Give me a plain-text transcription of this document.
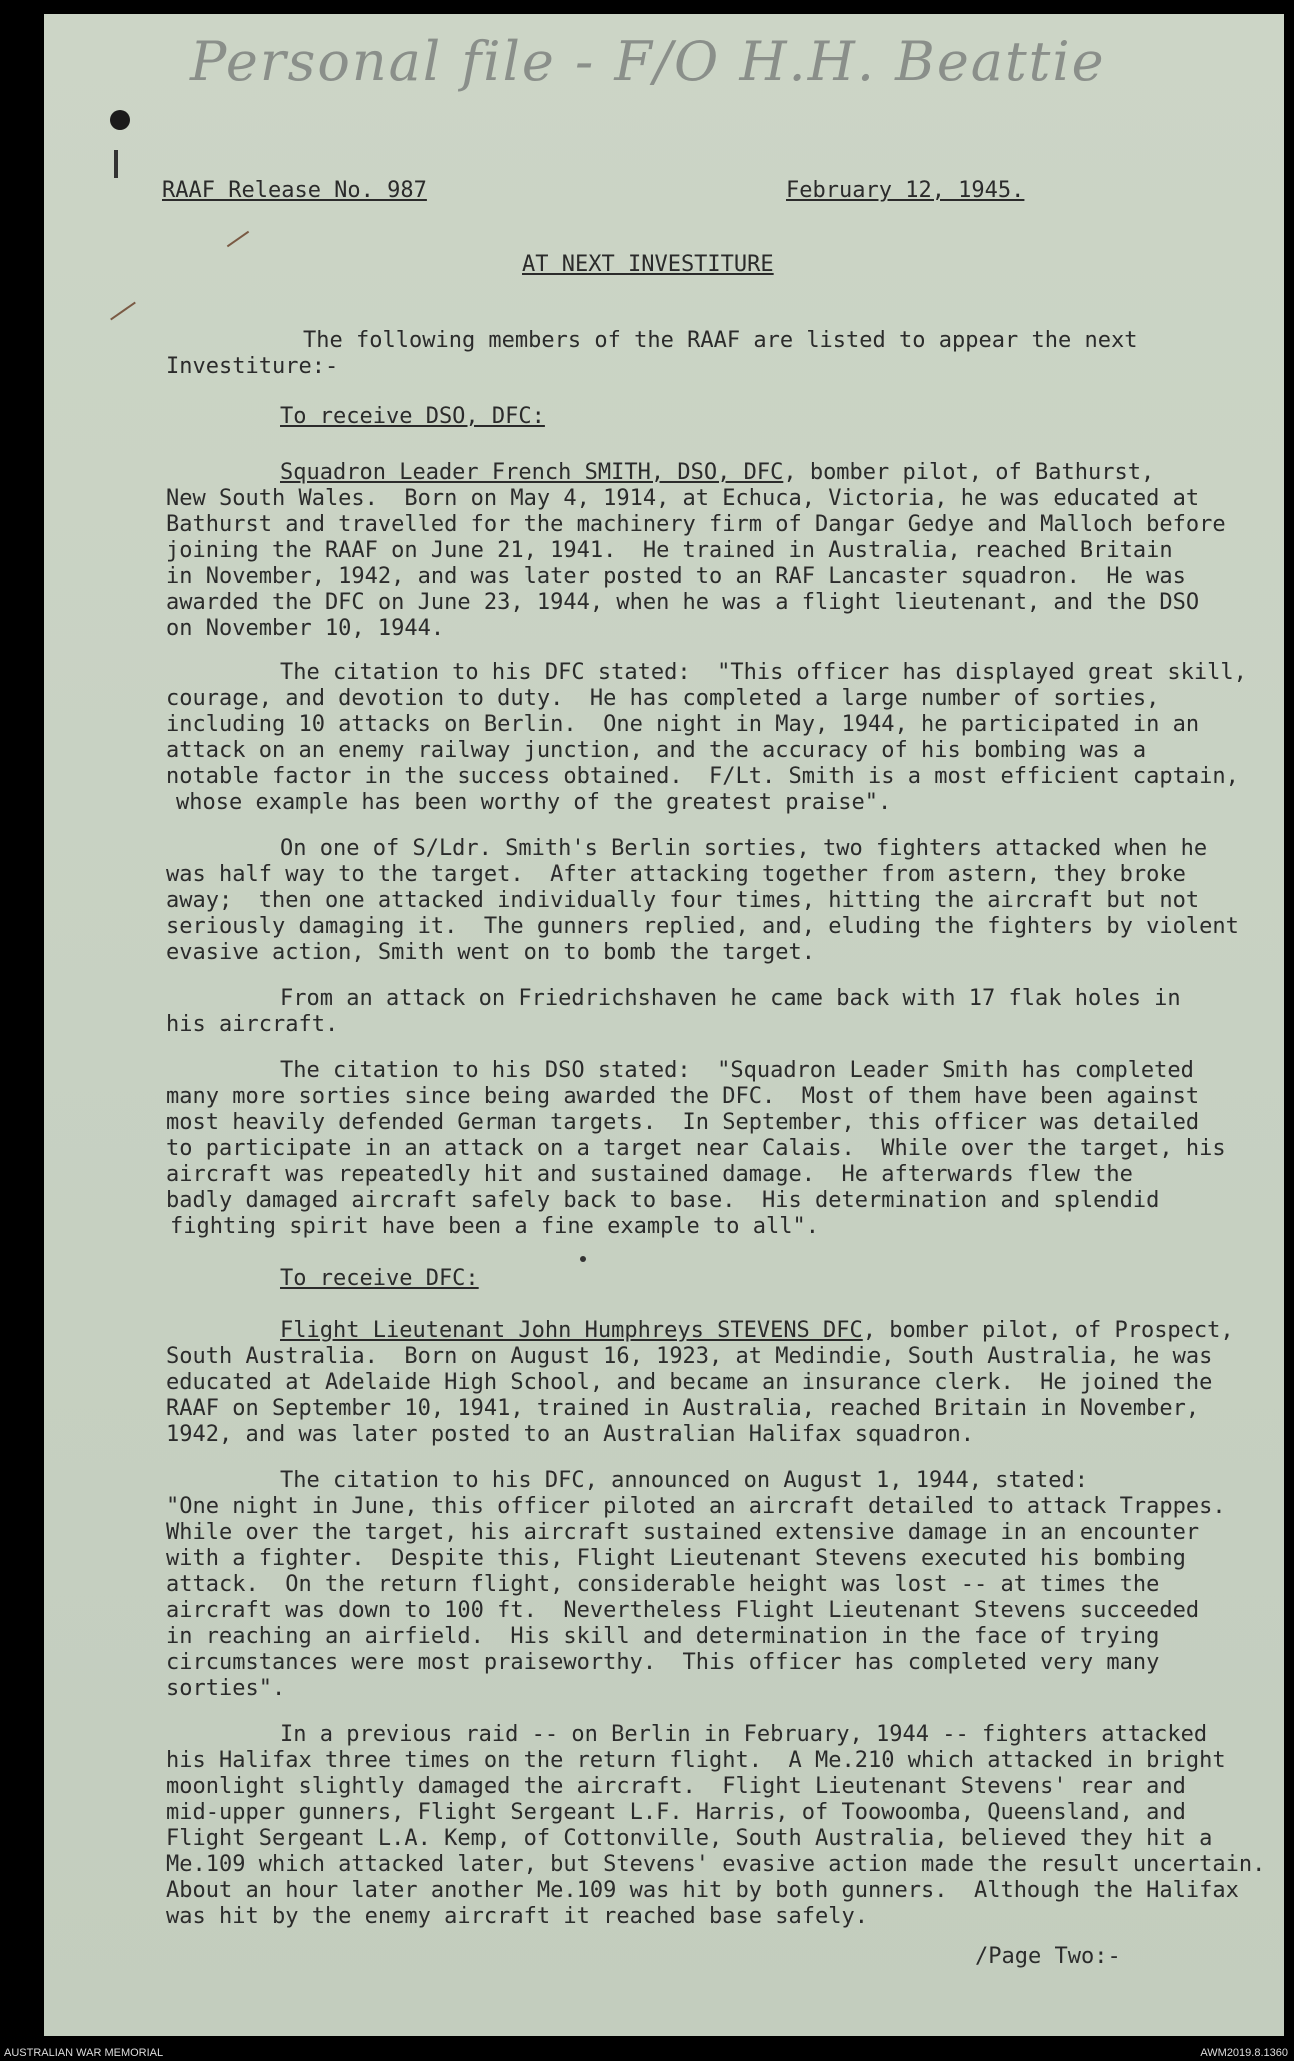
Personal file - F/O H.H. Beattie

RAAF Release No. 987	February 12, 1945.

AT NEXT INVESTITURE

The following members of the RAAF are listed to appear the next

Investiture:-

To receive DSO, DFC:

Squadron Leader French SMITH, DSO, DFC, bomber pilot, of Bathurst,

New South Wales.  Born on May 4, 1914, at Echuca, Victoria, he was educated at

Bathurst and travelled for the machinery firm of Dangar Gedye and Malloch before

joining the RAAF on June 21, 1941.  He trained in Australia, reached Britain

in November, 1942, and was later posted to an RAF Lancaster squadron.  He was

awarded the DFC on June 23, 1944, when he was a flight lieutenant, and the DSO

on November 10, 1944.

The citation to his DFC stated:  "This officer has displayed great skill,

courage, and devotion to duty.  He has completed a large number of sorties,

including 10 attacks on Berlin.  One night in May, 1944, he participated in an

attack on an enemy railway junction, and the accuracy of his bombing was a

notable factor in the success obtained.  F/Lt. Smith is a most efficient captain,

whose example has been worthy of the greatest praise".

On one of S/Ldr. Smith's Berlin sorties, two fighters attacked when he

was half way to the target.  After attacking together from astern, they broke

away;  then one attacked individually four times, hitting the aircraft but not

seriously damaging it.  The gunners replied, and, eluding the fighters by violent

evasive action, Smith went on to bomb the target.

From an attack on Friedrichshaven he came back with 17 flak holes in

his aircraft.

The citation to his DSO stated:  "Squadron Leader Smith has completed

many more sorties since being awarded the DFC.  Most of them have been against

most heavily defended German targets.  In September, this officer was detailed

to participate in an attack on a target near Calais.  While over the target, his

aircraft was repeatedly hit and sustained damage.  He afterwards flew the

badly damaged aircraft safely back to base.  His determination and splendid

fighting spirit have been a fine example to all".

To receive DFC:

Flight Lieutenant John Humphreys STEVENS DFC, bomber pilot, of Prospect,

South Australia.  Born on August 16, 1923, at Medindie, South Australia, he was

educated at Adelaide High School, and became an insurance clerk.  He joined the

RAAF on September 10, 1941, trained in Australia, reached Britain in November,

1942, and was later posted to an Australian Halifax squadron.

The citation to his DFC, announced on August 1, 1944, stated:

"One night in June, this officer piloted an aircraft detailed to attack Trappes.

While over the target, his aircraft sustained extensive damage in an encounter

with a fighter.  Despite this, Flight Lieutenant Stevens executed his bombing

attack.  On the return flight, considerable height was lost -- at times the

aircraft was down to 100 ft.  Nevertheless Flight Lieutenant Stevens succeeded

in reaching an airfield.  His skill and determination in the face of trying

circumstances were most praiseworthy.  This officer has completed very many

sorties".

In a previous raid -- on Berlin in February, 1944 -- fighters attacked

his Halifax three times on the return flight.  A Me.210 which attacked in bright

moonlight slightly damaged the aircraft.  Flight Lieutenant Stevens' rear and

mid-upper gunners, Flight Sergeant L.F. Harris, of Toowoomba, Queensland, and

Flight Sergeant L.A. Kemp, of Cottonville, South Australia, believed they hit a

Me.109 which attacked later, but Stevens' evasive action made the result uncertain.

About an hour later another Me.109 was hit by both gunners.  Although the Halifax

was hit by the enemy aircraft it reached base safely.

/Page Two:-

AUSTRALIAN WAR MEMORIAL	AWM2019.8.1360
